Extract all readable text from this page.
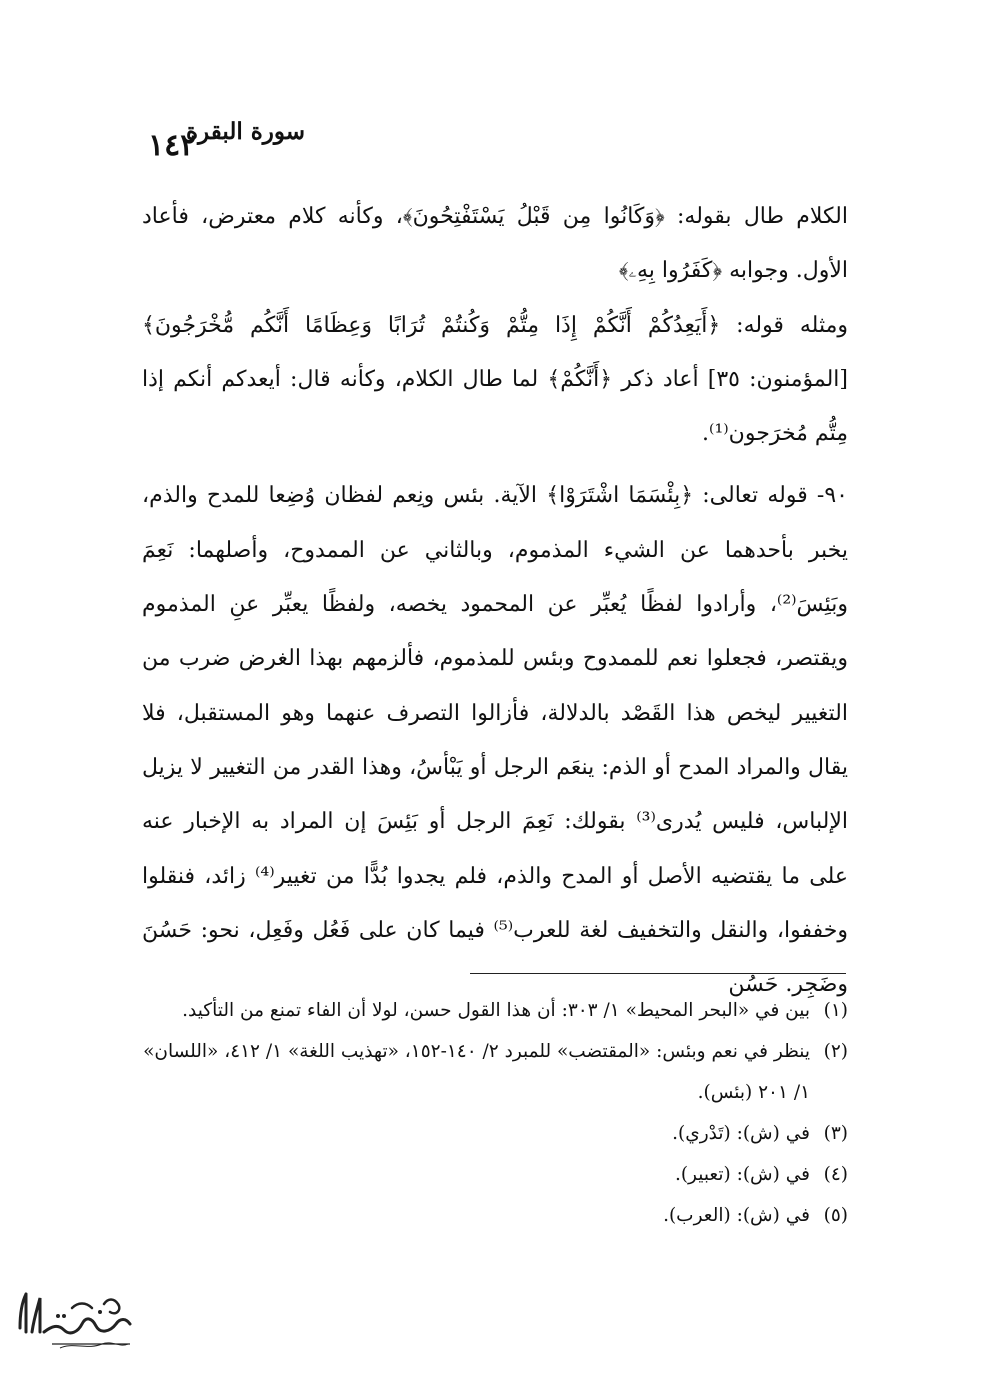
١٤٢
سورة البقرة

الكلام طال بقوله: ﴿وَكَانُوا مِن قَبْلُ يَسْتَفْتِحُونَ﴾، وكأنه كلام معترض، فأعاد الأول. وجوابه ﴿كَفَرُوا بِهِۦ﴾

ومثله قوله: ﴿أَيَعِدُكُمْ أَنَّكُمْ إِذَا مِتُّمْ وَكُنتُمْ تُرَابًا وَعِظَامًا أَنَّكُم مُّخْرَجُونَ﴾ [المؤمنون: ٣٥] أعاد ذكر ﴿أَنَّكُمْ﴾ لما طال الكلام، وكأنه قال: أيعدكم أنكم إذا مِتُّم مُخرَجون⁽¹⁾.

٩٠- قوله تعالى: ﴿بِئْسَمَا اشْتَرَوْا﴾ الآية. بئس ونِعم لفظان وُضِعا للمدح والذم، يخبر بأحدهما عن الشيء المذموم، وبالثاني عن الممدوح، وأصلهما: نَعِمَ وبَئِسَ⁽²⁾، وأرادوا لفظًا يُعبِّر عن المحمود يخصه، ولفظًا يعبِّر عنِ المذموم ويقتصر، فجعلوا نعم للممدوح وبئس للمذموم، فألزمهم بهذا الغرض ضرب من التغيير ليخص هذا القَصْد بالدلالة، فأزالوا التصرف عنهما وهو المستقبل، فلا يقال والمراد المدح أو الذم: ينعَم الرجل أو يَبْأسُ، وهذا القدر من التغيير لا يزيل الإلباس، فليس يُدرى⁽³⁾ بقولك: نَعِمَ الرجل أو بَئِسَ إن المراد به الإخبار عنه على ما يقتضيه الأصل أو المدح والذم، فلم يجدوا بُدًّا من تغيير⁽⁴⁾ زائد، فنقلوا وخففوا، والنقل والتخفيف لغة للعرب⁽⁵⁾ فيما كان على فَعُل وفَعِل، نحو: حَسُنَ وضَجِر. حَسُن

(١)
بين في «البحر المحيط» ١/ ٣٠٣: أن هذا القول حسن، لولا أن الفاء تمنع من التأكيد.

(٢)
ينظر في نعم وبئس: «المقتضب» للمبرد ٢/ ١٤٠-١٥٢، «تهذيب اللغة» ١/ ٤١٢، «اللسان» ١/ ٢٠١ (بئس).

(٣)
في (ش): (تَدْري).

(٤)
في (ش): (تعبير).

(٥)
في (ش): (العرب).
